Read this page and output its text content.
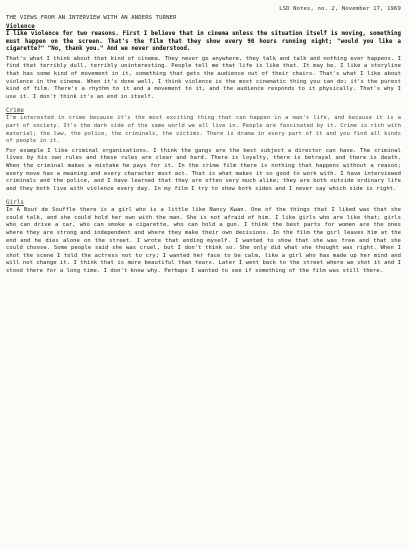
LSD Notes, no. 2, November 17, 1969
THE VIEWS FROM AN INTERVIEW WITH AN ANDERS TURNER
Violence

I like violence for two reasons. First I believe that in cinema unless the situation itself is moving, something must happen on the screen. That's the film that they show every 90 hours running night; "would you like a cigarette?" "No, thank you." And we never understood.

That's what I think about that kind of cinema. They never go anywhere, they talk and talk and nothing ever happens. I find that terribly dull, terribly uninteresting. People tell me that life is like that. It may be. I like a storyline that has some kind of movement in it, something that gets the audience out of their chairs. That's what I like about violence in the cinema. When it's done well, I think violence is the most cinematic thing you can do; it's the purest kind of film. There's a rhythm to it and a movement to it, and the audience responds to it physically. That's why I use it. I don't think it's an end in itself.

Crime

I'm interested in crime because it's the most exciting thing that can happen in a man's life, and because it is a part of society. It's the dark side of the same world we all live in. People are fascinated by it. Crime is rich with material; the law, the police, the criminals, the victims. There is drama in every part of it and you find all kinds of people in it.

For example I like criminal organisations. I think the gangs are the best subject a director can have. The criminal lives by his own rules and these rules are clear and hard. There is loyalty, there is betrayal and there is death. When the criminal makes a mistake he pays for it. In the crime film there is nothing that happens without a reason; every move has a meaning and every character must act. That is what makes it so good to work with. I have interviewed criminals and the police, and I have learned that they are often very much alike; they are both outside ordinary life and they both live with violence every day. In my film I try to show both sides and I never say which side is right.

Girls

In A Bout de Souffle there is a girl who is a little like Nancy Kwan. One of the things that I liked was that she could talk, and she could hold her own with the man. She is not afraid of him. I like girls who are like that; girls who can drive a car, who can smoke a cigarette, who can hold a gun. I think the best parts for women are the ones where they are strong and independent and where they make their own decisions. In the film the girl leaves him at the end and he dies alone on the street. I wrote that ending myself. I wanted to show that she was free and that she could choose. Some people said she was cruel, but I don't think so. She only did what she thought was right. When I shot the scene I told the actress not to cry; I wanted her face to be calm, like a girl who has made up her mind and will not change it. I think that is more beautiful than tears. Later I went back to the street where we shot it and I stood there for a long time. I don't know why. Perhaps I wanted to see if something of the film was still there.
